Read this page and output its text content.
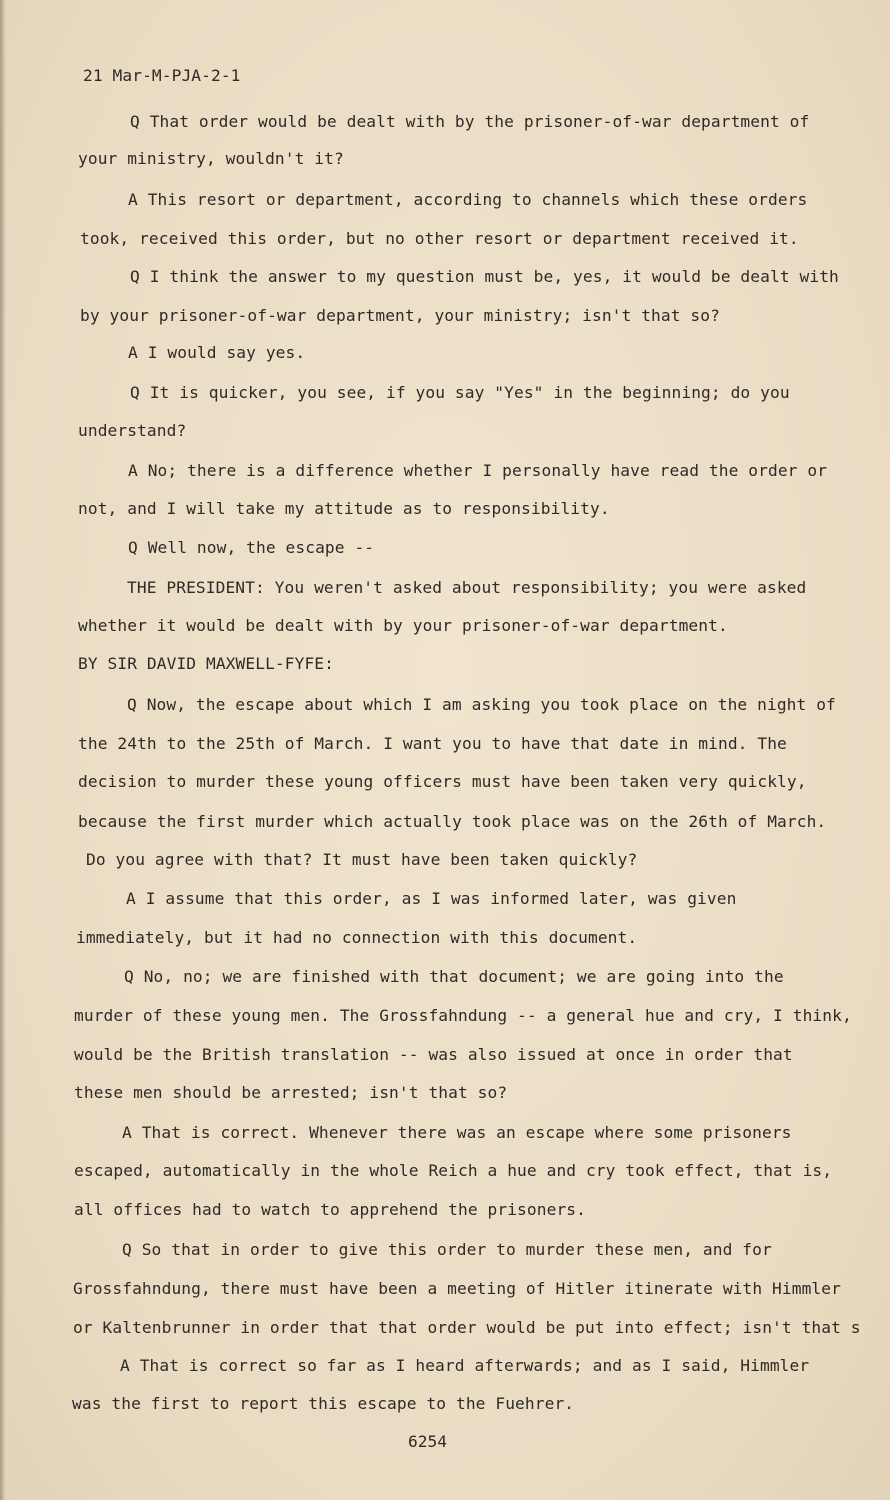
21 Mar-M-PJA-2-1

Q That order would be dealt with by the prisoner-of-war department of

your ministry, wouldn't it?

A This resort or department, according to channels which these orders

took, received this order, but no other resort or department received it.

Q I think the answer to my question must be, yes, it would be dealt with

by your prisoner-of-war department, your ministry; isn't that so?

A I would say yes.

Q It is quicker, you see, if you say "Yes" in the beginning; do you

understand?

A No; there is a difference whether I personally have read the order or

not, and I will take my attitude as to responsibility.

Q Well now, the escape --

THE PRESIDENT: You weren't asked about responsibility; you were asked

whether it would be dealt with by your prisoner-of-war department.

BY SIR DAVID MAXWELL-FYFE:

Q Now, the escape about which I am asking you took place on the night of

the 24th to the 25th of March. I want you to have that date in mind. The

decision to murder these young officers must have been taken very quickly,

because the first murder which actually took place was on the 26th of March.

Do you agree with that? It must have been taken quickly?

A I assume that this order, as I was informed later, was given

immediately, but it had no connection with this document.

Q No, no; we are finished with that document; we are going into the

murder of these young men. The Grossfahndung -- a general hue and cry, I think,

would be the British translation -- was also issued at once in order that

these men should be arrested; isn't that so?

A That is correct. Whenever there was an escape where some prisoners

escaped, automatically in the whole Reich a hue and cry took effect, that is,

all offices had to watch to apprehend the prisoners.

Q So that in order to give this order to murder these men, and for

Grossfahndung, there must have been a meeting of Hitler itinerate with Himmler

or Kaltenbrunner in order that that order would be put into effect; isn't that s

A That is correct so far as I heard afterwards; and as I said, Himmler

was the first to report this escape to the Fuehrer.

6254
